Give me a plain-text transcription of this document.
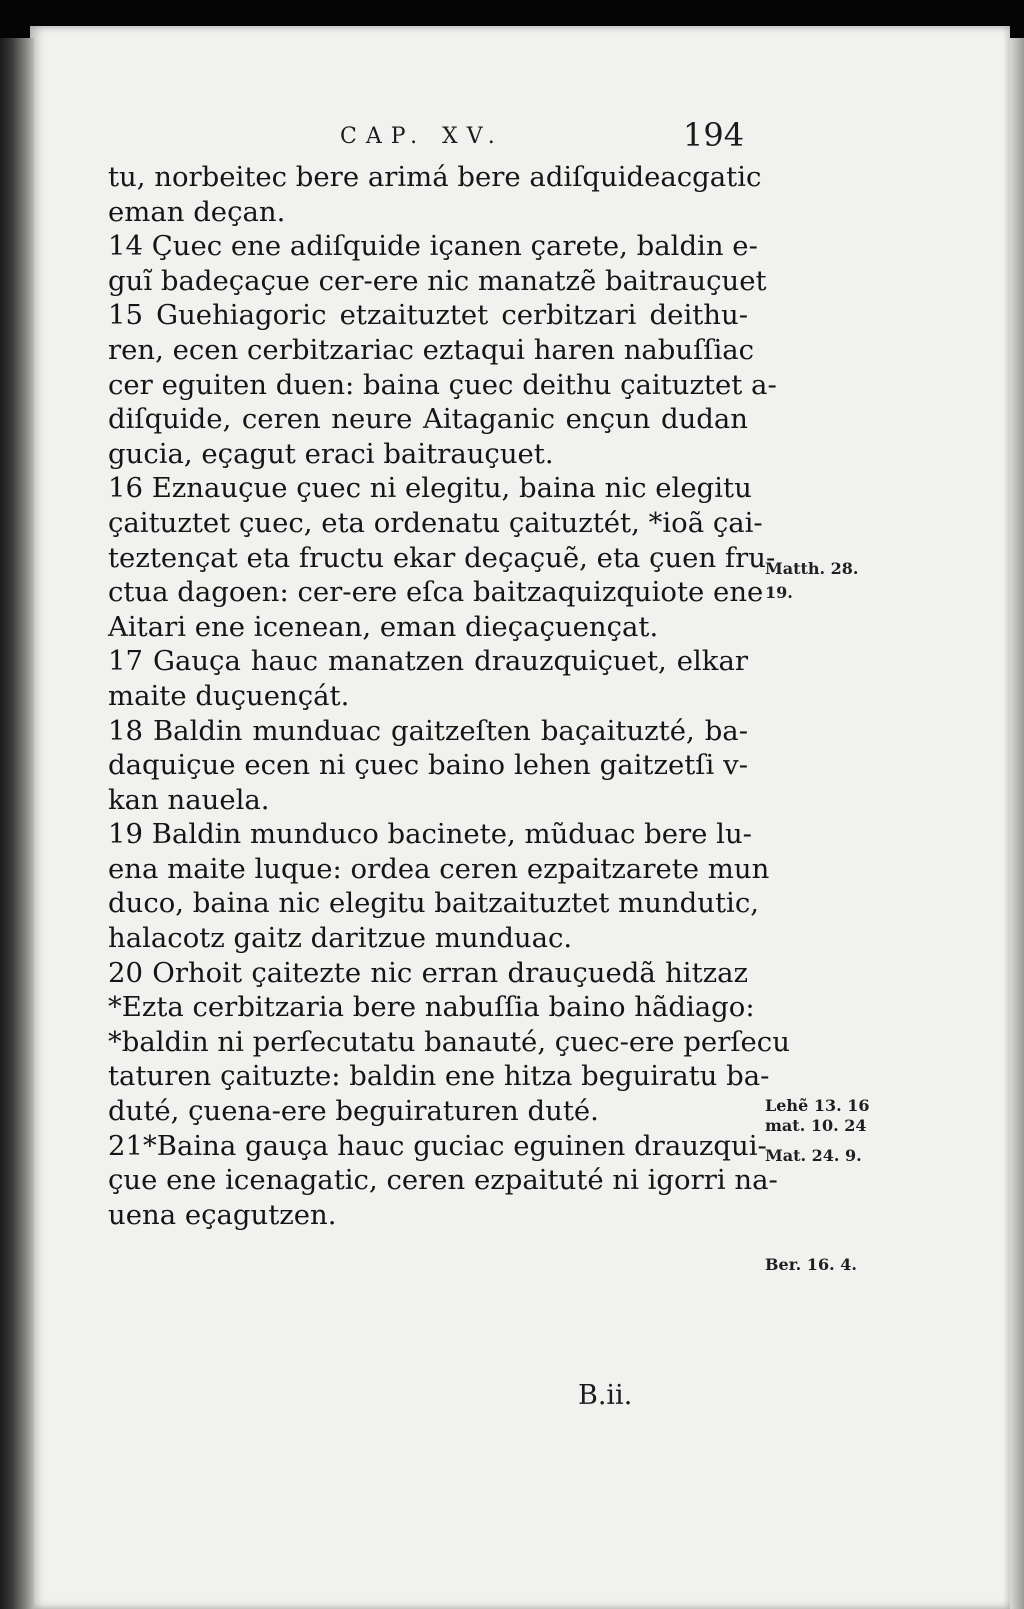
CAP. XV.	194
tu, norbeitec bere arimá bere adiſquideacgatic
eman deçan.
14 Çuec ene adiſquide içanen çarete, baldin e-
guĩ badeçaçue cer-ere nic manatzẽ baitrauçuet
15 Guehiagoric etzaituztet cerbitzari deithu-
ren, ecen cerbitzariac eztaqui haren nabuſſiac
cer eguiten duen: baina çuec deithu çaituztet a-
diſquide, ceren neure Aitaganic ençun dudan
gucia, eçagut eraci baitrauçuet.
16 Eznauçue çuec ni elegitu, baina nic elegitu
çaituztet çuec, eta ordenatu çaituztét, *ioã çai-
teztençat eta fructu ekar deçaçuẽ, eta çuen fru-
ctua dagoen: cer-ere eſca baitzaquizquiote ene
Aitari ene icenean, eman dieçaçuençat.
17 Gauça hauc manatzen drauzquiçuet, elkar
maite duçuençát.
18 Baldin munduac gaitzeſten baçaituzté, ba-
daquiçue ecen ni çuec baino lehen gaitzetſi v-
kan nauela.
19 Baldin munduco bacinete, mũduac bere lu-
ena maite luque: ordea ceren ezpaitzarete mun
duco, baina nic elegitu baitzaituztet mundutic,
halacotz gaitz daritzue munduac.
20 Orhoit çaitezte nic erran drauçuedã hitzaz
*Ezta cerbitzaria bere nabuſſia baino hãdiago:
*baldin ni perſecutatu banauté, çuec-ere perſecu
taturen çaituzte: baldin ene hitza beguiratu ba-
duté, çuena-ere beguiraturen duté.
21*Baina gauça hauc guciac eguinen drauzqui-
çue ene icenagatic, ceren ezpaituté ni igorri na-
uena eçagutzen.
Matth. 28.
19.
Lehẽ 13. 16
mat. 10. 24
Mat. 24. 9.
Ber. 16. 4.
B.ii.
